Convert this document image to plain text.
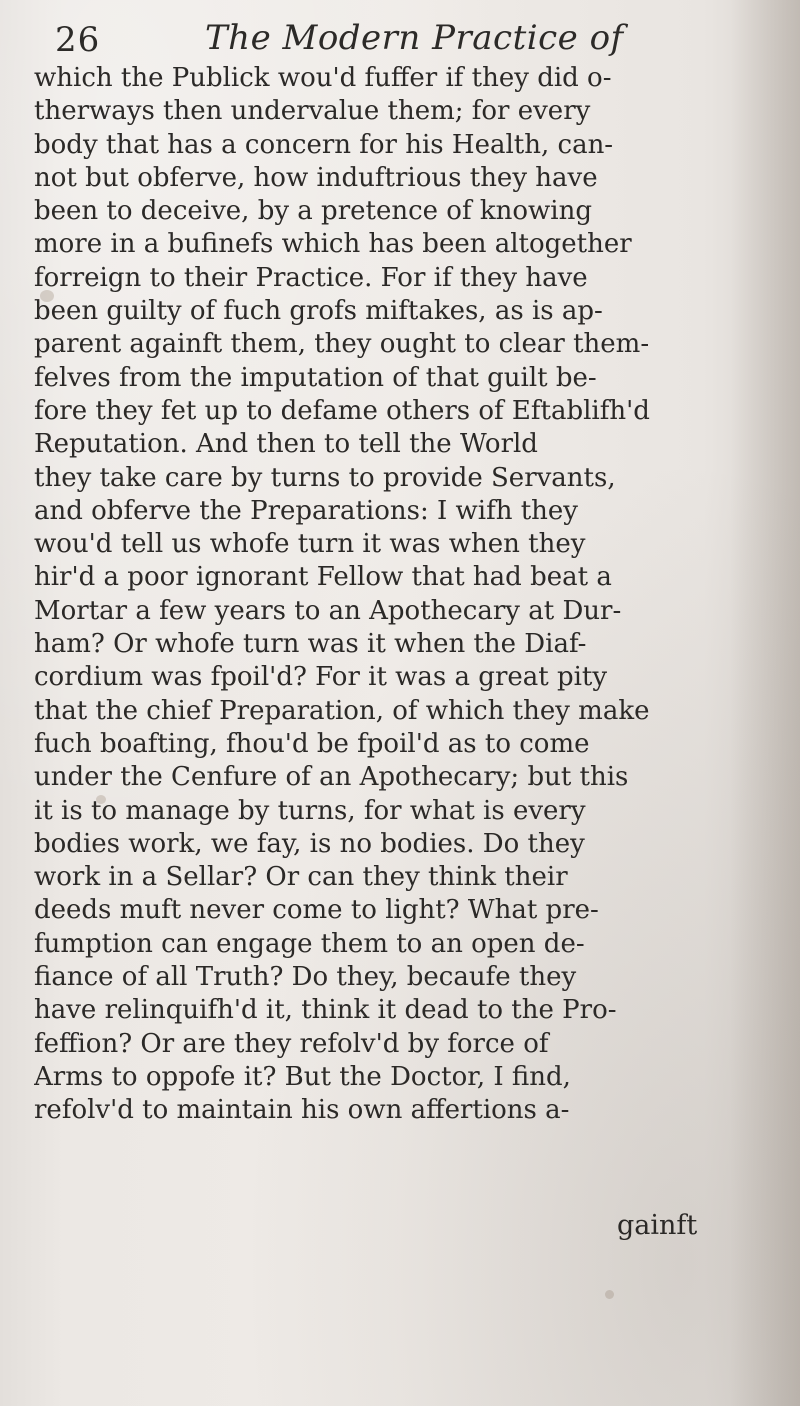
26	The Modern Practice of
which the Publick wou'd fuffer if they did o-
therways then undervalue them; for every
body that has a concern for his Health, can-
not but obferve, how induftrious they have
been to deceive, by a pretence of knowing
more in a bufinefs which has been altogether
forreign to their Practice. For if they have
been guilty of fuch grofs miftakes, as is ap-
parent againft them, they ought to clear them-
felves from the imputation of that guilt be-
fore they fet up to defame others of Eftablifh'd
Reputation. And then to tell the World
they take care by turns to provide Servants,
and obferve the Preparations: I wifh they
wou'd tell us whofe turn it was when they
hir'd a poor ignorant Fellow that had beat a
Mortar a few years to an Apothecary at Dur-
ham? Or whofe turn was it when the Diaf-
cordium was fpoil'd? For it was a great pity
that the chief Preparation, of which they make
fuch boafting, fhou'd be fpoil'd as to come
under the Cenfure of an Apothecary; but this
it is to manage by turns, for what is every
bodies work, we fay, is no bodies. Do they
work in a Sellar? Or can they think their
deeds muft never come to light? What pre-
fumption can engage them to an open de-
fiance of all Truth? Do they, becaufe they
have relinquifh'd it, think it dead to the Pro-
feffion? Or are they refolv'd by force of
Arms to oppofe it? But the Doctor, I find,
refolv'd to maintain his own affertions a-
gainft
